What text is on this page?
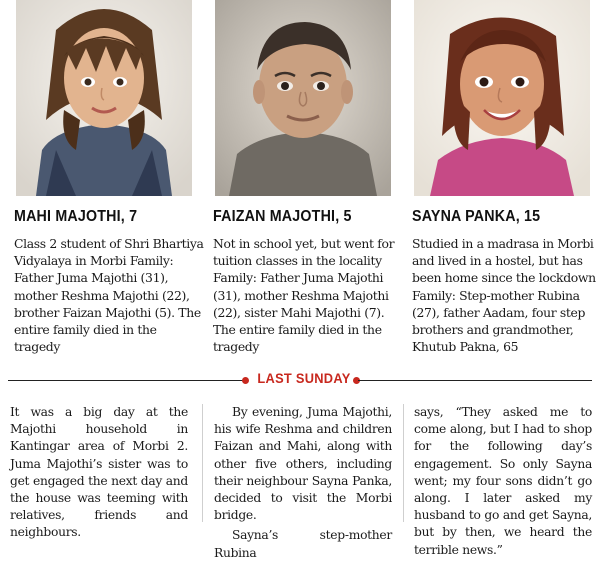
MAHI MAJOTHI, 7
Class 2 student of Shri Bhartiya Vidyalaya in Morbi Family: Father Juma Majothi (31), mother Reshma Majothi (22), brother Faizan Majothi (5). The entire family died in the tragedy
FAIZAN MAJOTHI, 5
Not in school yet, but went for tuition classes in the locality Family: Father Juma Majothi (31), mother Reshma Majothi (22), sister Mahi Majothi (7). The entire family died in the tragedy
SAYNA PANKA, 15
Studied in a madrasa in Morbi and lived in a hostel, but has been home since the lockdown Family: Step-mother Rubina (27), father Aadam, four step brothers and grandmother, Khutub Pakna, 65
LAST SUNDAY
It was a big day at the Majothi household in Kantingar area of Morbi 2. Juma Majothi’s sister was to get engaged the next day and the house was teeming with relatives, friends and neighbours.
By evening, Juma Majothi, his wife Reshma and children Faizan and Mahi, along with other five others, including their neighbour Sayna Panka, decided to visit the Morbi bridge.
Sayna’s step-mother Rubina
says, “They asked me to come along, but I had to shop for the following day’s engagement. So only Sayna went; my four sons didn’t go along. I later asked my husband to go and get Sayna, but by then, we heard the terrible news.”
